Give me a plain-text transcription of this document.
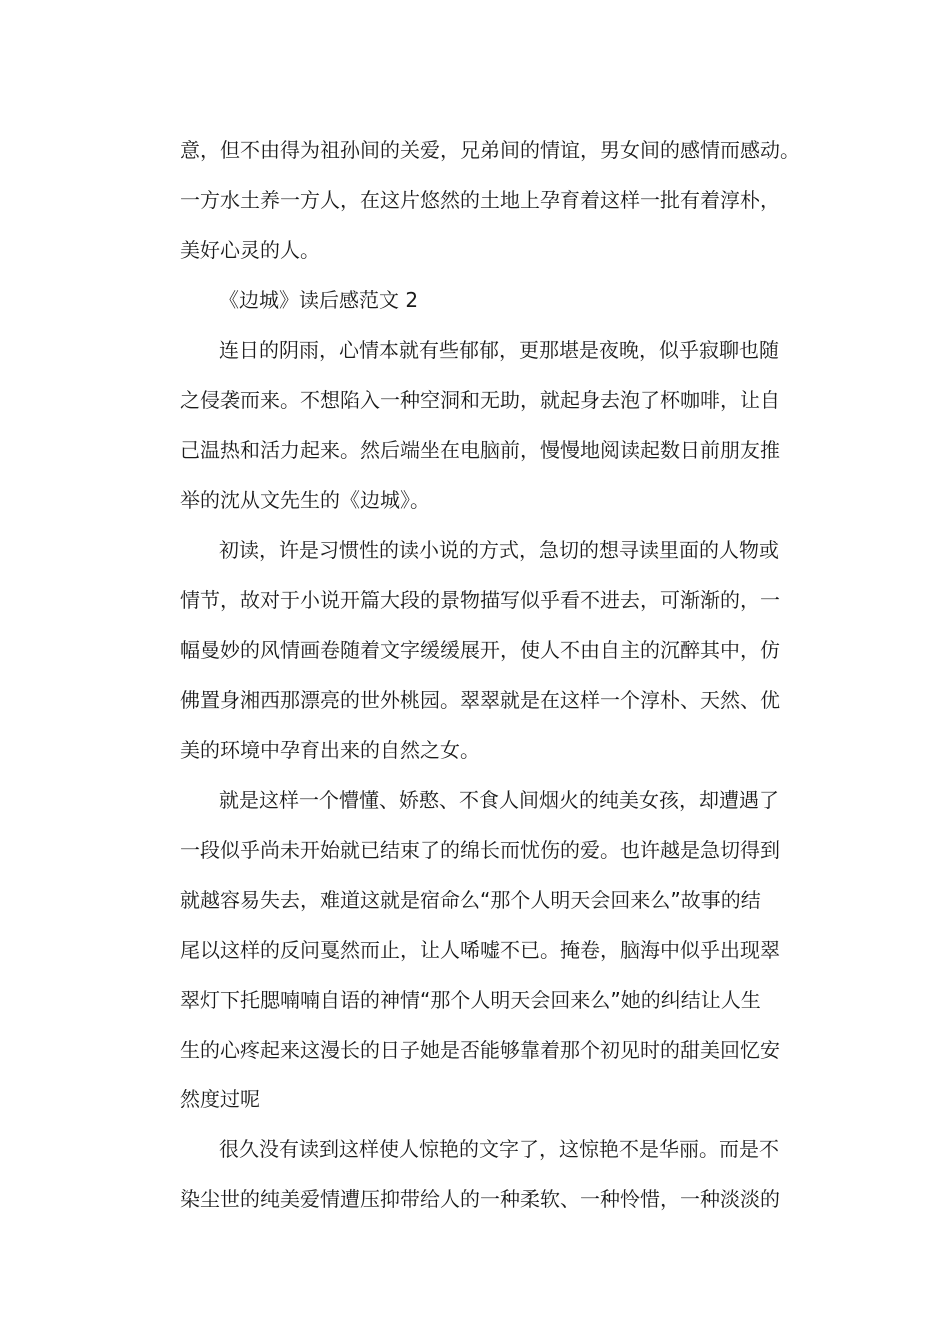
意，但不由得为祖孙间的关爱，兄弟间的情谊，男女间的感情而感动。
一方水土养一方人，在这片悠然的土地上孕育着这样一批有着淳朴，
美好心灵的人。
《边城》读后感范文 2
连日的阴雨，心情本就有些郁郁，更那堪是夜晚，似乎寂聊也随
之侵袭而来。不想陷入一种空洞和无助，就起身去泡了杯咖啡，让自
己温热和活力起来。然后端坐在电脑前，慢慢地阅读起数日前朋友推
举的沈从文先生的《边城》。
初读，许是习惯性的读小说的方式，急切的想寻读里面的人物或
情节，故对于小说开篇大段的景物描写似乎看不进去，可渐渐的，一
幅曼妙的风情画卷随着文字缓缓展开，使人不由自主的沉醉其中，仿
佛置身湘西那漂亮的世外桃园。翠翠就是在这样一个淳朴、天然、优
美的环境中孕育出来的自然之女。
就是这样一个懵懂、娇憨、不食人间烟火的纯美女孩，却遭遇了
一段似乎尚未开始就已结束了的绵长而忧伤的爱。也许越是急切得到
就越容易失去，难道这就是宿命么“那个人明天会回来么”故事的结
尾以这样的反问戛然而止，让人唏嘘不已。掩卷，脑海中似乎出现翠
翠灯下托腮喃喃自语的神情“那个人明天会回来么”她的纠结让人生
生的心疼起来这漫长的日子她是否能够靠着那个初见时的甜美回忆安
然度过呢
很久没有读到这样使人惊艳的文字了，这惊艳不是华丽。而是不
染尘世的纯美爱情遭压抑带给人的一种柔软、一种怜惜，一种淡淡的
